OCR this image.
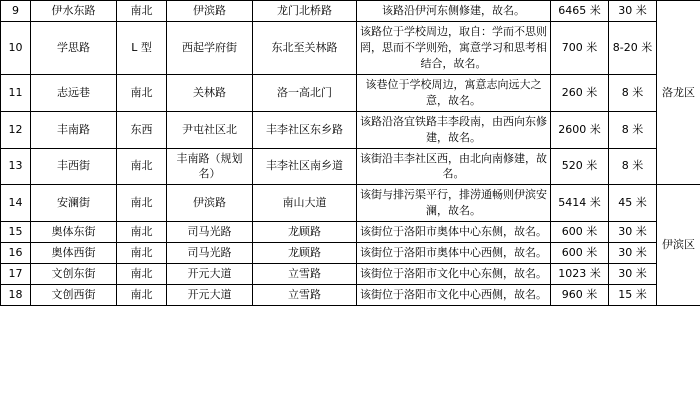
9	伊水东路	南北	伊滨路	龙门北桥路	该路沿伊河东侧修建，故名。	6465 米	30 米	洛龙区

10	学思路	L 型	西起学府街	东北至关林路	该路位于学校周边，取自：学而不思则罔，思而不学则殆，寓意学习和思考相结合，故名。	700 米	8-20 米	
11	志远巷	南北	关林路	洛一高北门	该巷位于学校周边，寓意志向远大之意，故名。	260 米	8 米	
12	丰南路	东西	尹屯社区北	丰李社区东乡路	该路沿洛宜铁路丰李段南，由西向东修建，故名。	2600 米	8 米	
13	丰西街	南北	丰南路（规划名）	丰李社区南乡道	该街沿丰李社区西，由北向南修建，故名。	520 米	8 米	
14	安澜街	南北	伊滨路	南山大道	该街与排污渠平行，排涝通畅则伊滨安澜，故名。	5414 米	45 米	伊滨区

15	奥体东街	南北	司马光路	龙顾路	该街位于洛阳市奥体中心东侧，故名。	600 米	30 米	
16	奥体西街	南北	司马光路	龙顾路	该街位于洛阳市奥体中心西侧，故名。	600 米	30 米	
17	文创东街	南北	开元大道	立雪路	该街位于洛阳市文化中心东侧，故名。	1023 米	30 米	
18	文创西街	南北	开元大道	立雪路	该街位于洛阳市文化中心西侧，故名。	960 米	15 米	
